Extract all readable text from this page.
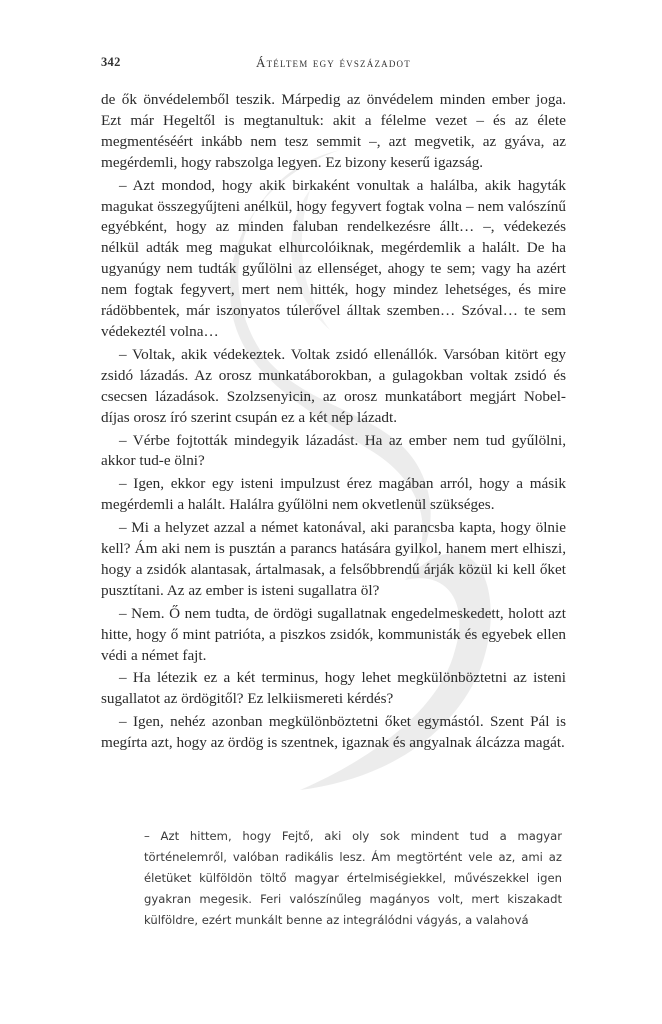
342	Átéltem egy évszázadot

de ők önvédelemből teszik. Márpedig az önvédelem minden ember joga. Ezt már Hegeltől is megtanultuk: akit a félelme vezet – és az élete megmentéséért inkább nem tesz semmit –, azt megvetik, az gyáva, az megérdemli, hogy rabszolga legyen. Ez bizony keserű igazság.

– Azt mondod, hogy akik birkaként vonultak a halálba, akik hagyták magukat összegyűjteni anélkül, hogy fegyvert fogtak volna – nem valószínű egyébként, hogy az minden faluban rendelkezésre állt… –, védekezés nélkül adták meg magukat elhurcolóiknak, megérdemlik a halált. De ha ugyanúgy nem tudták gyűlölni az ellenséget, ahogy te sem; vagy ha azért nem fogtak fegyvert, mert nem hitték, hogy mindez lehetséges, és mire rádöbbentek, már iszonyatos túlerővel álltak szemben… Szóval… te sem védekeztél volna…

– Voltak, akik védekeztek. Voltak zsidó ellenállók. Varsóban kitört egy zsidó lázadás. Az orosz munkatáborokban, a gulagokban voltak zsidó és csecsen lázadások. Szolzsenyicin, az orosz munkatábort megjárt Nobel-díjas orosz író szerint csupán ez a két nép lázadt.

– Vérbe fojtották mindegyik lázadást. Ha az ember nem tud gyűlölni, akkor tud-e ölni?

– Igen, ekkor egy isteni impulzust érez magában arról, hogy a másik megérdemli a halált. Halálra gyűlölni nem okvetlenül szükséges.

– Mi a helyzet azzal a német katonával, aki parancsba kapta, hogy ölnie kell? Ám aki nem is pusztán a parancs hatására gyilkol, hanem mert elhiszi, hogy a zsidók alantasak, ártalmasak, a felsőbbrendű árják közül ki kell őket pusztítani. Az az ember is isteni sugallatra öl?

– Nem. Ő nem tudta, de ördögi sugallatnak engedelmeskedett, holott azt hitte, hogy ő mint patrióta, a piszkos zsidók, kommunisták és egyebek ellen védi a német fajt.

– Ha létezik ez a két terminus, hogy lehet megkülönböztetni az isteni sugallatot az ördögitől? Ez lelkiismereti kérdés?

– Igen, nehéz azonban megkülönböztetni őket egymástól. Szent Pál is megírta azt, hogy az ördög is szentnek, igaznak és angyalnak álcázza magát.

– Azt hittem, hogy Fejtő, aki oly sok mindent tud a magyar történelemről, valóban radikális lesz. Ám megtörtént vele az, ami az életüket külföldön töltő magyar értelmiségiekkel, művészekkel igen gyakran megesik. Feri valószínűleg magányos volt, mert kiszakadt külföldre, ezért munkált benne az integrálódni vágyás, a valahová
